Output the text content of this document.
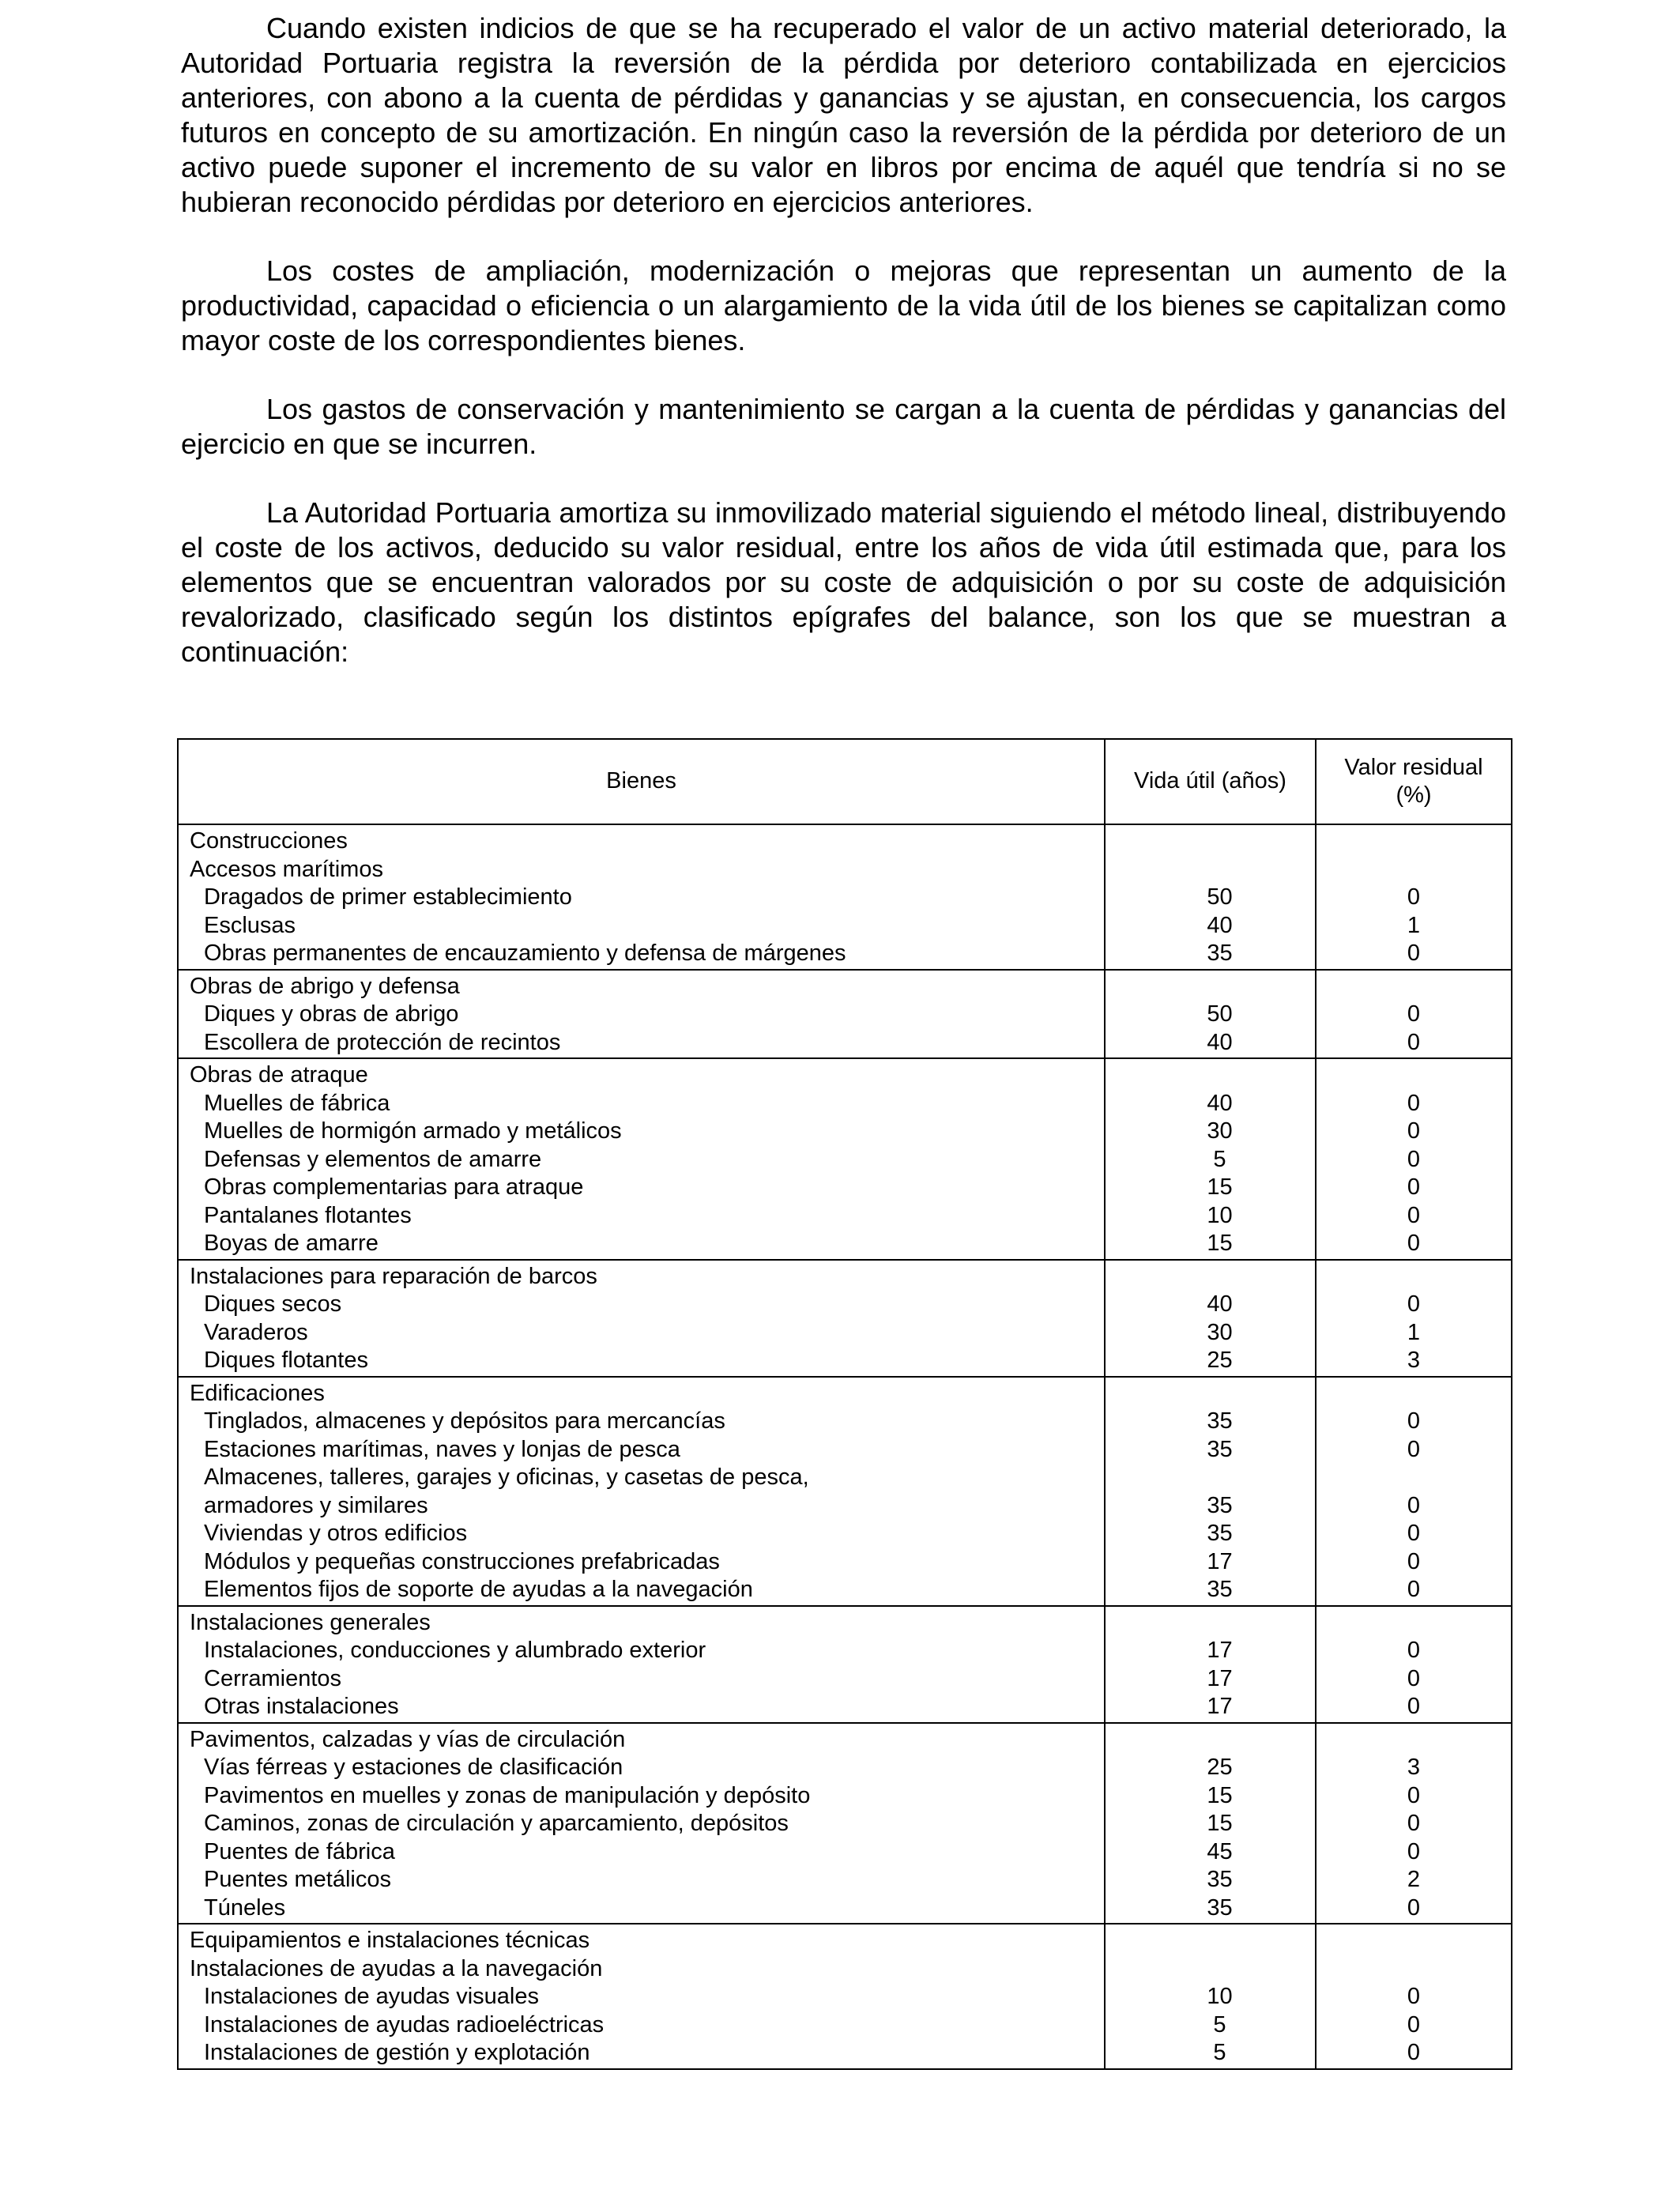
Cuando existen indicios de que se ha recuperado el valor de un activo material deteriorado, la Autoridad Portuaria registra la reversión de la pérdida por deterioro contabilizada en ejercicios anteriores, con abono a la cuenta de pérdidas y ganancias y se ajustan, en consecuencia, los cargos futuros en concepto de su amortización. En ningún caso la reversión de la pérdida por deterioro de un activo puede suponer el incremento de su valor en libros por encima de aquél que tendría si no se hubieran reconocido pérdidas por deterioro en ejercicios anteriores.

Los costes de ampliación, modernización o mejoras que representan un aumento de la productividad, capacidad o eficiencia o un alargamiento de la vida útil de los bienes se capitalizan como mayor coste de los correspondientes bienes.

Los gastos de conservación y mantenimiento se cargan a la cuenta de pérdidas y ganancias del ejercicio en que se incurren.

La Autoridad Portuaria amortiza su inmovilizado material siguiendo el método lineal, distribuyendo el coste de los activos, deducido su valor residual, entre los años de vida útil estimada que, para los elementos que se encuentran valorados por su coste de adquisición o por su coste de adquisición revalorizado, clasificado según los distintos epígrafes del balance, son los que se muestran a continuación:

Bienes	Vida útil (años)	Valor residual
(%)
Construcciones		
Accesos marítimos		
Dragados de primer establecimiento	50	0
Esclusas	40	1
Obras permanentes de encauzamiento y defensa de márgenes	35	0
Obras de abrigo y defensa		
Diques y obras de abrigo	50	0
Escollera de protección de recintos	40	0
Obras de atraque		
Muelles de fábrica	40	0
Muelles de hormigón armado y metálicos	30	0
Defensas y elementos de amarre	5	0
Obras complementarias para atraque	15	0
Pantalanes flotantes	10	0
Boyas de amarre	15	0
Instalaciones para reparación de barcos		
Diques secos	40	0
Varaderos	30	1
Diques flotantes	25	3
Edificaciones		
Tinglados, almacenes y depósitos para mercancías	35	0
Estaciones marítimas, naves y lonjas de pesca	35	0
Almacenes, talleres, garajes y oficinas, y casetas de pesca,		
armadores y similares	35	0
Viviendas y otros edificios	35	0
Módulos y pequeñas construcciones prefabricadas	17	0
Elementos fijos de soporte de ayudas a la navegación	35	0
Instalaciones generales		
Instalaciones, conducciones y alumbrado exterior	17	0
Cerramientos	17	0
Otras instalaciones	17	0
Pavimentos, calzadas y vías de circulación		
Vías férreas y estaciones de clasificación	25	3
Pavimentos en muelles y zonas de manipulación y depósito	15	0
Caminos, zonas de circulación y aparcamiento, depósitos	15	0
Puentes de fábrica	45	0
Puentes metálicos	35	2
Túneles	35	0
Equipamientos e instalaciones técnicas		
Instalaciones de ayudas a la navegación		
Instalaciones de ayudas visuales	10	0
Instalaciones de ayudas radioeléctricas	5	0
Instalaciones de gestión y explotación	5	0
